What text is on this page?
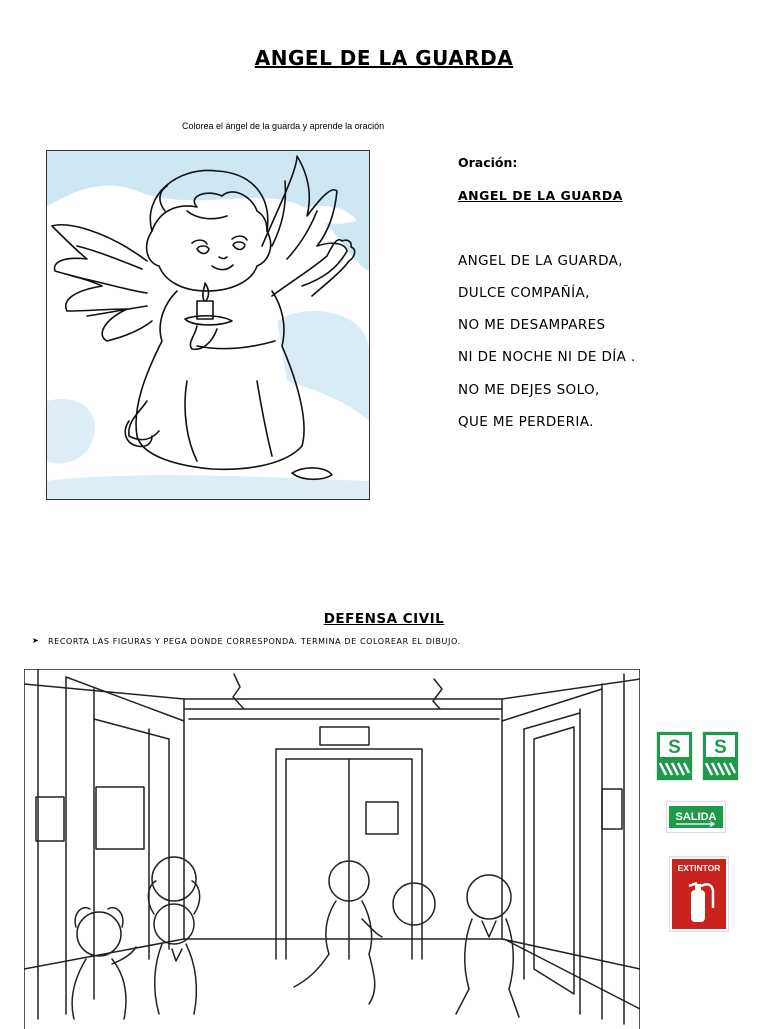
ANGEL DE LA GUARDA
Colorea el ángel de la guarda y aprende la oración
Oración:
ANGEL DE LA GUARDA
ANGEL DE LA GUARDA,
DULCE COMPAÑÍA,
NO ME DESAMPARES
NI DE NOCHE NI DE DÍA .
NO ME DEJES SOLO,
QUE ME PERDERIA.
DEFENSA CIVIL
➤ RECORTA LAS FIGURAS Y PEGA DONDE CORRESPONDA. TERMINA DE COLOREAR EL DIBUJO.
S S
SALIDA
EXTINTOR
